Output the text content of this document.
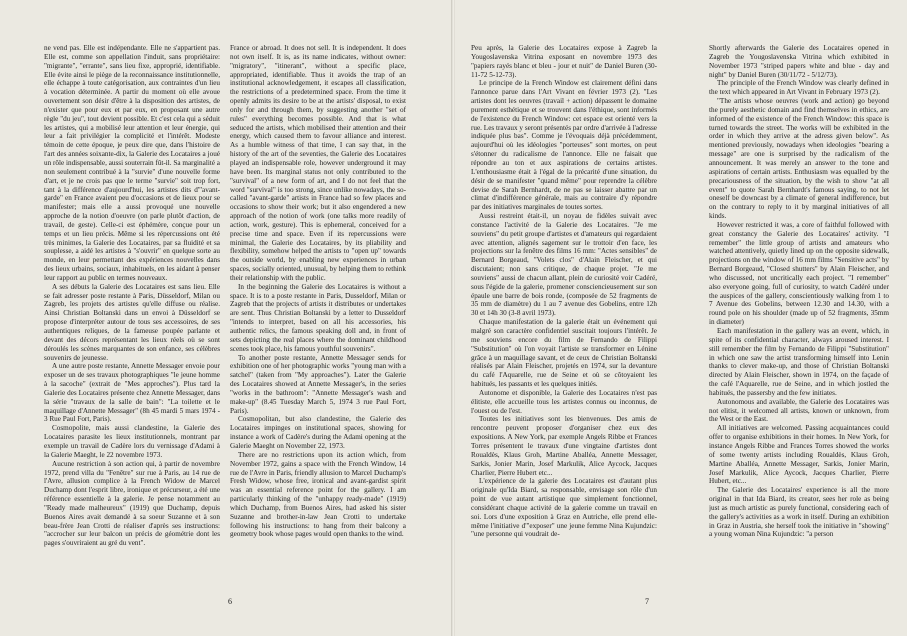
ne vend pas. Elle est indépendante. Elle ne s'appartient pas. Elle est, comme son appellation l'induit, sans propriétaire: "migrante", "errante", sans lieu fixe, approprié, identifiable. Elle évite ainsi le piège de la reconnaissance institutionnelle, elle échappe à toute catégorisation, aux contraintes d'un lieu à vocation déterminée. A partir du moment où elle avoue ouvertement son désir d'être à la disposition des artistes, de n'exister que pour eux et par eux, en proposant une autre règle "du jeu", tout devient possible. Et c'est cela qui a séduit les artistes, qui a mobilisé leur attention et leur énergie, qui leur a fait privilégier la complicité et l'intérêt. Modeste témoin de cette époque, je peux dire que, dans l'histoire de l'art des années soixante-dix, la Galerie des Locataires a joué un rôle indispensable, aussi souterrain fût-il. Sa marginalité a non seulement contribué à la "survie" d'une nouvelle forme d'art, et je ne crois pas que le terme "survie" soit trop fort, tant à la différence d'aujourd'hui, les artistes dits d'"avant-garde" en France avaient peu d'occasions et de lieux pour se manifester; mais elle a aussi provoqué une nouvelle approche de la notion d'oeuvre (on parle plutôt d'action, de travail, de geste). Celle-ci est éphémère, conçue pour un temps et un lieu précis. Même si les répercussions ont été très minimes, la Galerie des Locataires, par sa fluidité et sa souplesse, a aidé les artistes à "s'ouvrir" en quelque sorte au monde, en leur permettant des expériences nouvelles dans des lieux urbains, sociaux, inhabituels, en les aidant à penser leur rapport au public en termes nouveaux.

A ses débuts la Galerie des Locataires est sans lieu. Elle se fait adresser poste restante à Paris, Düsseldorf, Milan ou Zagreb, les projets des artistes qu'elle diffuse ou réalise. Ainsi Christian Boltanski dans un envoi à Düsseldorf se propose d'interpréter autour de tous ses accessoires, de ses authentiques reliques, de la fameuse poupée parlante et devant des décors représentant les lieux réels où se sont déroulés les scènes marquantes de son enfance, ses célèbres souvenirs de jeunesse.

A une autre poste restante, Annette Messager envoie pour exposer un de ses travaux photographiques "le jeune homme à la sacoche" (extrait de "Mes approches"). Plus tard la Galerie des Locataires présente chez Annette Messager, dans la série "travaux de la salle de bain": "La toilette et le maquillage d'Annette Messager" (8h 45 mardi 5 mars 1974 - 3 Rue Paul Fort, Paris).

Cosmopolite, mais aussi clandestine, la Galerie des Locataires parasite les lieux institutionnels, montrant par exemple un travail de Cadère lors du vernissage d'Adami à la Galerie Maeght, le 22 novembre 1973.

Aucune restriction à son action qui, à partir de novembre 1972, prend villa du "Fenêtre" sur rue à Paris, au 14 rue de l'Avre, allusion complice à la French Widow de Marcel Duchamp dont l'esprit libre, ironique et précurseur, a été une référence essentielle à la galerie. Je pense notamment au "Ready made malheureux" (1919) que Duchamp, depuis Buenos Aires avait demandé à sa soeur Suzanne et à son beau-frère Jean Crotti de réaliser d'après ses instructions: "accrocher sur leur balcon un précis de géométrie dont les pages s'ouvriraient au gré du vent".

France or abroad. It does not sell. It is independent. It does not own itself. It is, as its name indicates, without owner: "migratory", "itinerant", without a specific place, appropriated, identifiable. Thus it avoids the trap of an institutional acknowledgement, it escapes all classification, the restrictions of a predetermined space. From the time it openly admits its desire to be at the artists' disposal, to exist only for and through them, by suggesting another "set of rules" everything becomes possible. And that is what seduced the artists, which mobilised their attention and their energy, which caused them to favour alliance and interest. As a humble witness of that time, I can say that, in the history of the art of the seventies, the Galerie des Locataires played an indispensable role, however underground it may have been. Its marginal status not only contributed to the "survival" of a new form of art, and I do not feel that the word "survival" is too strong, since unlike nowadays, the so-called "avant-garde" artists in France had so few places and occasions to show their work; but it also engendered a new approach of the notion of work (one talks more readily of action, work, gesture). This is ephemeral, conceived for a precise time and space. Even if its repercussions were minimal, the Galerie des Locataires, by its pliability and flexibility, somehow helped the artists to "open up" towards the outside world, by enabling new experiences in urban spaces, socially oriented, unusual, by helping them to rethink their relationship with the public.

In the beginning the Galerie des Locataires is without a space. It is to a poste restante in Paris, Dusseldorf, Milan or Zagreb that the projects of artists it distributes or undertakes are sent. Thus Christian Boltanski by a letter to Dusseldorf "intends to interpret, based on all his accessories, his authentic relics, the famous speaking doll and, in front of sets depicting the real places where the dominant childhood scenes took place, his famous youthful souvenirs".

To another poste restante, Annette Messager sends for exhibition one of her photographic works "young man with a satchel" (taken from "My approaches"). Later the Galerie des Locataires showed at Annette Messager's, in the series "works in the bathroom": "Annette Messager's wash and make-up" (8.45 Tuesday March 5, 1974 3 rue Paul Fort, Paris).

Cosmopolitan, but also clandestine, the Galerie des Locataires impinges on institutional spaces, showing for instance a work of Cadère's during the Adami opening at the Galerie Maeght on November 22, 1973.

There are no restrictions upon its action which, from November 1972, gains a space with the French Window, 14 rue de l'Avre in Paris, friendly allusion to Marcel Duchamp's Fresh Widow, whose free, ironical and avant-gardist spirit was an essential reference point for the gallery. I am particularly thinking of the "unhappy ready-made" (1919) which Duchamp, from Buenos Aires, had asked his sister Suzanne and brother-in-law Jean Crotti to undertake following his instructions: to hang from their balcony a geometry book whose pages would open thanks to the wind.

6

Peu après, la Galerie des Locataires expose à Zagreb la Yougoslavenska Vitrina exposant en novembre 1973 des "papiers rayés blanc et bleu - jour et nuit" de Daniel Buren (30-11-72 5-12-73).

Le principe de la French Window est clairement défini dans l'annonce parue dans l'Art Vivant en février 1973 (2). "Les artistes dont les oeuvres (travail + action) dépassent le domaine purement esthétique et se trouvent dans l'éthique, sont informés de l'existence du French Window: cet espace est orienté vers la rue. Les travaux y seront présentés par ordre d'arrivée à l'adresse indiquée plus bas". Comme je l'évoquais déjà précédemment, aujourd'hui où les idéologies "porteuses" sont mortes, on peut s'étonner du radicalisme de l'annonce. Elle ne faisait que répondre au ton et aux aspirations de certains artistes. L'enthousiasme était à l'égal de la précarité d'une situation, du désir de se manifester "quand même" pour reprendre la célèbre devise de Sarah Bernhardt, de ne pas se laisser abattre par un climat d'indifférence générale, mais au contraire d'y répondre par des initiatives marginales de toutes sortes.

Aussi restreint était-il, un noyau de fidèles suivait avec constance l'activité de la Galerie des Locataires. "Je me souviens" du petit groupe d'artistes et d'amateurs qui regardaient avec attention, alignés sagement sur le trottoir d'en face, les projections sur la fenêtre des films 16 mm: "Actes sensibles" de Bernard Borgeaud, "Volets clos" d'Alain Fleischer, et qui discutaient; non sans critique, de chaque projet. "Je me souviens" aussi de chacun allant, plein de curiosité voir Cadéré, sous l'égide de la galerie, promener consciencieusement sur son épaule une barre de bois ronde, (composée de 52 fragments de 35 mm de diamètre) du 1 au 7 avenue des Gobelins, entre 12h 30 et 14h 30 (3-8 avril 1973).

Chaque manifestation de la galerie était un événement qui malgré son caractère confidentiel suscitait toujours l'intérêt. Je me souviens encore du film de Fernando de Filippi "Substitution" où l'on voyait l'artiste se transformer en Lénine grâce à un maquillage savant, et de ceux de Christian Boltanski réalisés par Alain Fleischer, projetés en 1974, sur la devanture du café l'Aquarelle, rue de Seine et où se côtoyaient les habitués, les passants et les quelques initiés.

Autonome et disponible, la Galerie des Locataires n'est pas élitiste, elle accueille tous les artistes connus ou inconnus, de l'ouest ou de l'est.

Toutes les initiatives sont les bienvenues. Des amis de rencontre peuvent proposer d'organiser chez eux des expositions. A New York, par exemple Angels Ribbe et Frances Torres présentent le travaux d'une vingtaine d'artistes dont Roualdès, Klaus Groh, Martine Aballéa, Annette Messager, Sarkis, Jonier Marin, Josef Markulik, Alice Aycock, Jacques Charlier, Pierre Hubert etc...

L'expérience de la galerie des Locataires est d'autant plus originale qu'Ida Biard, sa responsable, envisage son rôle d'un point de vue autant artistique que simplement fonctionnel, considérant chaque activité de la galerie comme un travail en soi. Lors d'une exposition à Graz en Autriche, elle prend elle-même l'initiative d'"exposer" une jeune femme Nina Kujundzic: "une personne qui voudrait de-

Shortly afterwards the Galerie des Locataires opened in Zagreb the Yougoslavenska Vitrina which exhibited in November 1973 "striped papers white and blue - day and night" by Daniel Buren (30/11/72 - 5/12/73).

The principle of the French Window was clearly defined in the text which appeared in Art Vivant in February 1973 (2).

"The artists whose oeuvres (work and action) go beyond the purely aesthetic domain and find themselves in ethics, are informed of the existence of the French Window: this space is turned towards the street. The works will be exhibited in the order in which they arrive at the adress given below". As mentioned previously, nowadays when ideologies "bearing a message" are one is surprised by the radicalism of the announcement. It was merely an answer to the tone and aspirations of certain artists. Enthusiasm was equalled by the precariousness of the situation, by the wish to show "at all event" to quote Sarah Bernhardt's famous saying, to not let oneself be downcast by a climate of general indifference, but on the contrary to reply to it by marginal initiatives of all kinds.

However restricted it was, a core of faithful followed with great constancy the Galerie des Locataires' activity. "I remember" the little group of artists and amateurs who watched attentively, quietly lined up on the opposite sidewalk, projections on the window of 16 mm films "Sensitive acts" by Bernard Borgeaud, "Closed shutters" by Alain Fleischer, and who discussed, not uncritically each project. "I remember" also everyone going, full of curiosity, to watch Cadéré under the auspices of the gallery, conscientiously walking from 1 to 7 Avenue des Gobelins, between 12.30 and 14.30, with a round pole on his shoulder (made up of 52 fragments, 35mm in diameter)

Each manifestation in the gallery was an event, which, in spite of its confidential character, always aroused interest. I still remember the film by Fernando de Filippi "Substitution" in which one saw the artist transforming himself into Lenin thanks to clever make-up, and those of Christian Boltanski directed by Alain Fleischer, shown in 1974, on the façade of the café l'Aquarelle, rue de Seine, and in which jostled the habitués, the passersby and the few initiates.

Autonomous and available, the Galerie des Locataires was not elitist, it welcomed all artists, known or unknown, from the West or the East.

All initiatives are welcomed. Passing acquaintances could offer to organise exhibitions in their homes. In New York, for instance Angels Ribbe and Frances Torres showed the works of some twenty artists including Roualdès, Klaus Groh, Martine Aballéa, Annette Messager, Sarkis, Jonier Marin, Josef Markulik, Alice Aycock, Jacques Charlier, Pierre Hubert, etc...

The Galerie des Locataires' experience is all the more original in that Ida Biard, its creator, sees her role as being just as much artistic as purely functional, considering each of the gallery's activities as a work in itself. During an exhibition in Graz in Austria, she herself took the initiative in "showing" a young woman Nina Kujundzic: "a person

7
